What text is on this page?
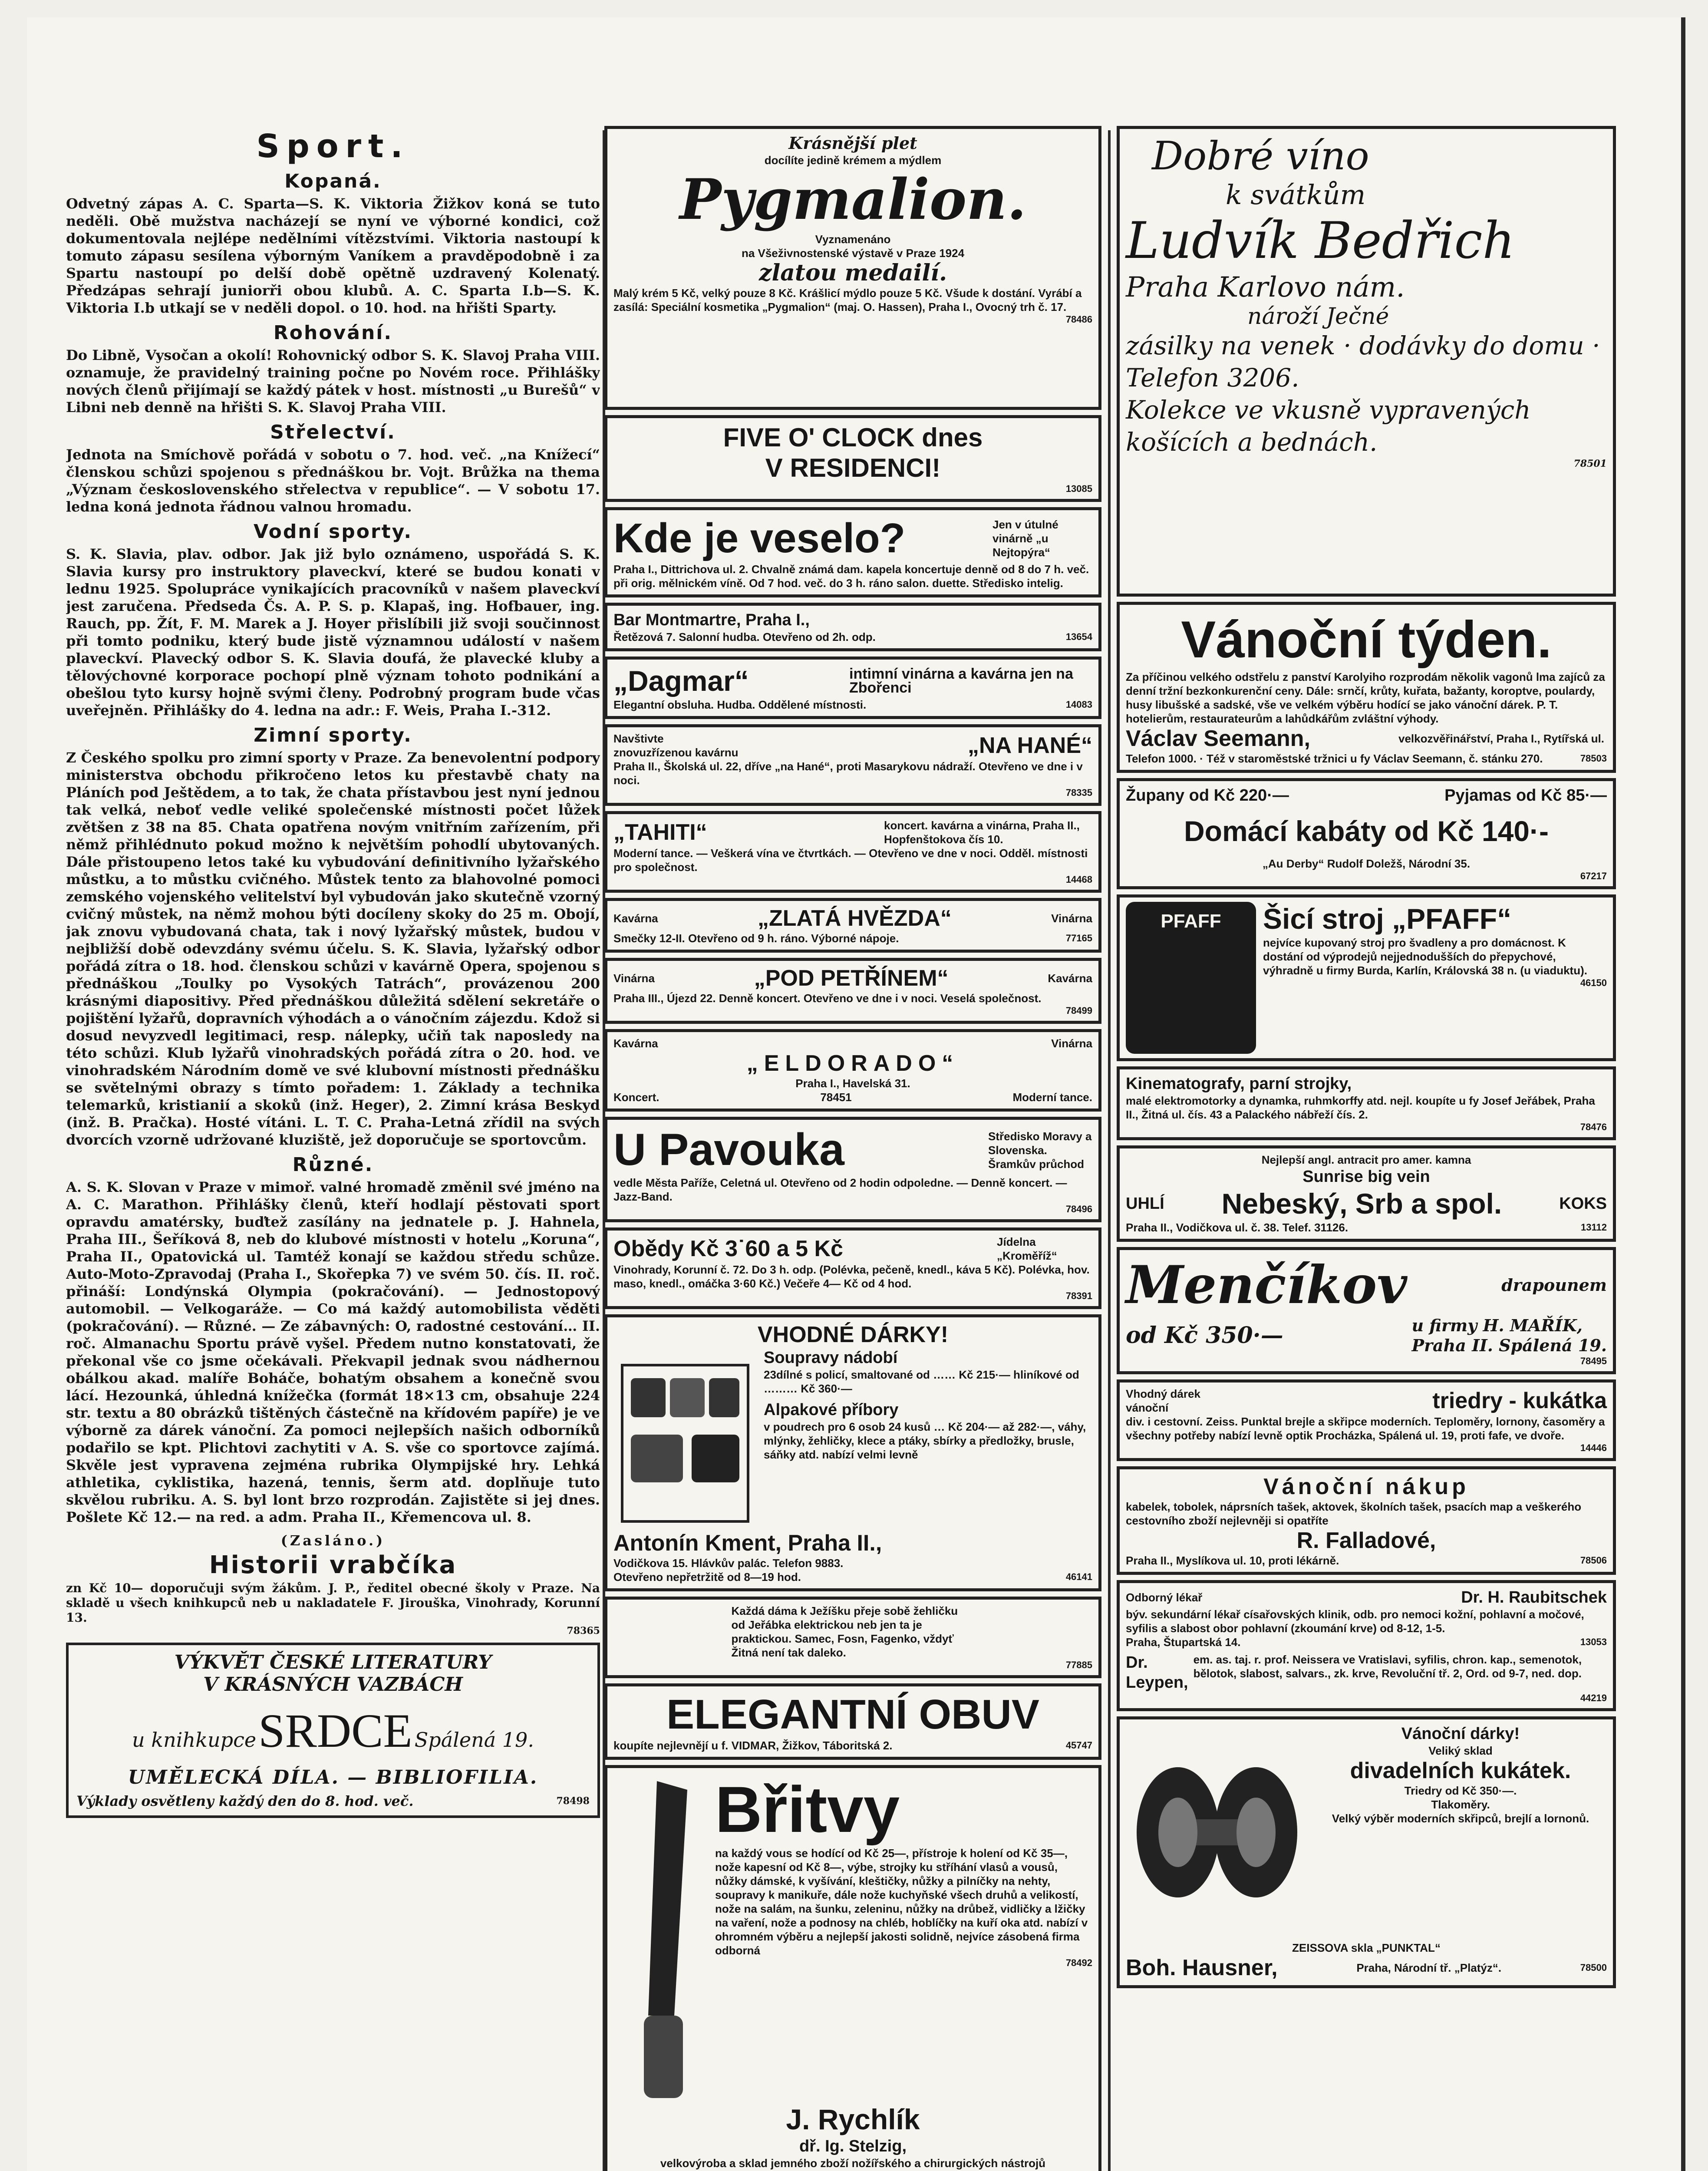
Sport.
Kopaná.

Odvetný zápas A. C. Sparta—S. K. Viktoria Žižkov koná se tuto neděli. Obě mužstva nacházejí se nyní ve výborné kondici, což dokumentovala nejlépe nedělními vítězstvími. Viktoria nastoupí k tomuto zápasu sesílena výborným Vaníkem a pravděpodobně i za Spartu nastoupí po delší době opětně uzdravený Kolenatý. Předzápas sehrají juniorři obou klubů. A. C. Sparta I.b—S. K. Viktoria I.b utkají se v neděli dopol. o 10. hod. na hřišti Sparty.

Rohování.

Do Libně, Vysočan a okolí! Rohovnický odbor S. K. Slavoj Praha VIII. oznamuje, že pravidelný training počne po Novém roce. Přihlášky nových členů přijímají se každý pátek v host. místnosti „u Burešů“ v Libni neb denně na hřišti S. K. Slavoj Praha VIII.

Střelectví.

Jednota na Smíchově pořádá v sobotu o 7. hod. več. „na Knížecí“ členskou schůzi spojenou s přednáškou br. Vojt. Brůžka na thema „Význam československého střelectva v republice“. — V sobotu 17. ledna koná jednota řádnou valnou hromadu.

Vodní sporty.

S. K. Slavia, plav. odbor. Jak již bylo oznámeno, uspořádá S. K. Slavia kursy pro instruktory plaveckví, které se budou konati v lednu 1925. Spolupráce vynikajících pracovníků v našem plaveckví jest zaručena. Předseda Čs. A. P. S. p. Klapaš, ing. Hofbauer, ing. Rauch, pp. Žít, F. M. Marek a J. Hoyer přislíbili již svoji součinnost při tomto podniku, který bude jistě významnou událostí v našem plaveckví. Plavecký odbor S. K. Slavia doufá, že plavecké kluby a tělovýchovné korporace pochopí plně význam tohoto podnikání a obešlou tyto kursy hojně svými členy. Podrobný program bude včas uveřejněn. Přihlášky do 4. ledna na adr.: F. Weis, Praha I.-312.

Zimní sporty.

Z Českého spolku pro zimní sporty v Praze. Za benevolentní podpory ministerstva obchodu přikročeno letos ku přestavbě chaty na Pláních pod Ještědem, a to tak, že chata přístavbou jest nyní jednou tak velká, neboť vedle veliké společenské místnosti počet lůžek zvětšen z 38 na 85. Chata opatřena novým vnitřním zařízením, při němž přihlédnuto pokud možno k největším pohodlí ubytovaných. Dále přistoupeno letos také ku vybudování definitivního lyžařského můstku, a to můstku cvičného. Můstek tento za blahovolné pomoci zemského vojenského velitelství byl vybudován jako skutečně vzorný cvičný můstek, na němž mohou býti docíleny skoky do 25 m. Obojí, jak znovu vybudovaná chata, tak i nový lyžařský můstek, budou v nejbližší době odevzdány svému účelu. S. K. Slavia, lyžařský odbor pořádá zítra o 18. hod. členskou schůzi v kavárně Opera, spojenou s přednáškou „Toulky po Vysokých Tatrách“, provázenou 200 krásnými diapositivy. Před přednáškou důležitá sdělení sekretáře o pojištění lyžařů, dopravních výhodách a o vánočním zájezdu. Kdož si dosud nevyzvedl legitimaci, resp. nálepky, učiň tak naposledy na této schůzi. Klub lyžařů vinohradských pořádá zítra o 20. hod. ve vinohradském Národním domě ve své klubovní místnosti přednášku se světelnými obrazy s tímto pořadem: 1. Základy a technika telemarků, kristianií a skoků (inž. Heger), 2. Zimní krása Beskyd (inž. B. Pračka). Hosté vítáni. L. T. C. Praha-Letná zřídil na svých dvorcích vzorně udržované kluziště, jež doporučuje se sportovcům.

Různé.

A. S. K. Slovan v Praze v mimoř. valné hromadě změnil své jméno na A. C. Marathon. Přihlášky členů, kteří hodlají pěstovati sport opravdu amatérsky, buďtež zasílány na jednatele p. J. Hahnela, Praha III., Šeříková 8, neb do klubové místnosti v hotelu „Koruna“, Praha II., Opatovická ul. Tamtéž konají se každou středu schůze. Auto-Moto-Zpravodaj (Praha I., Skořepka 7) ve svém 50. čís. II. roč. přináší: Londýnská Olympia (pokračování). — Jednostopový automobil. — Velkogaráže. — Co má každý automobilista věděti (pokračování). — Různé. — Ze zábavných: O, radostné cestování… II. roč. Almanachu Sportu právě vyšel. Předem nutno konstatovati, že překonal vše co jsme očekávali. Překvapil jednak svou nádhernou obálkou akad. malíře Boháče, bohatým obsahem a konečně svou lácí. Hezounká, úhledná knížečka (formát 18×13 cm, obsahuje 224 str. textu a 80 obrázků tištěných částečně na křídovém papíře) je ve výborně za dárek vánoční. Za pomoci nejlepších našich odborníků podařilo se kpt. Plichtovi zachytiti v A. S. vše co sportovce zajímá. Skvěle jest vypravena zejména rubrika Olympijské hry. Lehká athletika, cyklistika, hazená, tennis, šerm atd. doplňuje tuto skvělou rubriku. A. S. byl lont brzo rozprodán. Zajistěte si jej dnes. Pošlete Kč 12.— na red. a adm. Praha II., Křemencova ul. 8.

(Zasláno.)
Historii vrabčíka

zn Kč 10— doporučuji svým žákům. J. P., ředitel obecné školy v Praze. Na skladě u všech knihkupců neb u nakladatele F. Jirouška, Vinohrady, Korunní 13.

78365
VÝKVĚT ČESKÉ LITERATURY
V KRÁSNÝCH VAZBÁCH
u knihkupce SRDCE Spálená 19.
UMĚLECKÁ DÍLA. — BIBLIOFILIA.
Výklady osvětleny každý den do 8. hod. več.	78498
Krásnější plet
docílíte jedině krémem a mýdlem
Pygmalion.
Vyznamenáno
na Všeživnostenské výstavě v Praze 1924
zlatou medailí.
Malý krém 5 Kč, velký pouze 8 Kč. Krášlicí mýdlo pouze 5 Kč. Všude k dostání. Vyrábí a zasílá: Speciální kosmetika „Pygmalion“ (maj. O. Hassen), Praha I., Ovocný trh č. 17.
78486
FIVE O' CLOCK dnes
V RESIDENCI!
13085
Kde je veselo?	Jen v útulné vinárně „u Nejtopýra“
Praha I., Dittrichova ul. 2. Chvalně známá dam. kapela koncertuje denně od 8 do 7 h. več. při orig. mělnickém víně. Od 7 hod. več. do 3 h. ráno salon. duette. Středisko intelig.
Bar Montmartre, Praha I.,
Řetězová 7. Salonní hudba. Otevřeno od 2h. odp.	13654
„Dagmar“	intimní vinárna a kavárna jen na Zbořenci
Elegantní obsluha. Hudba. Oddělené místnosti.	14083
Navštivte znovuzřízenou kavárnu	„NA HANÉ“
Praha II., Školská ul. 22, dříve „na Hané“, proti Masarykovu nádraží. Otevřeno ve dne i v noci.
78335
„TAHITI“	koncert. kavárna a vinárna, Praha II., Hopfenštokova čís 10.
Moderní tance. — Veškerá vína ve čtvrtkách. — Otevřeno ve dne v noci. Odděl. místnosti pro společnost.
14468
Kavárna	„ZLATÁ HVĚZDA“	Vinárna
Smečky 12-II. Otevřeno od 9 h. ráno. Výborné nápoje.	77165
Vinárna	„POD PETŘÍNEM“	Kavárna
Praha III., Újezd 22. Denně koncert. Otevřeno ve dne i v noci. Veselá společnost.
78499
Kavárna	Vinárna
„ELDORADO“
Praha I., Havelská 31.
Koncert.	78451	Moderní tance.
U Pavouka	Středisko Moravy a Slovenska. Šramkův průchod
vedle Města Paříže, Celetná ul. Otevřeno od 2 hodin odpoledne. — Denně koncert. — Jazz-Band.
78496
Obědy Kč 3˙60 a 5 Kč	Jídelna „Kroměříž“
Vinohrady, Korunní č. 72. Do 3 h. odp. (Polévka, pečeně, knedl., káva 5 Kč). Polévka, hov. maso, knedl., omáčka 3·60 Kč.) Večeře 4— Kč od 4 hod.
78391
VHODNÉ DÁRKY!
Soupravy nádobí
23dílné s policí, smaltované od …… Kč 215·— hliníkové od ……… Kč 360·—
Alpakové příbory
v poudrech pro 6 osob 24 kusů … Kč 204·— až 282·—, váhy, mlýnky, žehličky, klece a ptáky, sbírky a předložky, brusle, sáňky atd. nabízí velmi levně
Antonín Kment, Praha II.,
Vodičkova 15. Hlávkův palác. Telefon 9883.
Otevřeno nepřetržitě od 8—19 hod.	46141
Každá dáma k Ježíšku přeje sobě žehličku od Jeřábka elektrickou neb jen ta je praktickou. Samec, Fosn, Fagenko, vždyť Žitná není tak daleko.
77885
ELEGANTNÍ OBUV
koupíte nejlevnějí u f. VIDMAR, Žižkov, Táboritská 2.	45747
Břitvy
na každý vous se hodící od Kč 25—, přístroje k holení od Kč 35—, nože kapesní od Kč 8—, výbe, strojky ku stříhání vlasů a vousů, nůžky dámské, k vyšívání, kleštičky, nůžky a pilníčky na nehty, soupravy k manikuře, dále nože kuchyňské všech druhů a velikostí, nože na salám, na šunku, zeleninu, nůžky na drůbež, vidličky a lžičky na vaření, nože a podnosy na chléb, hoblíčky na kuří oka atd. nabízí v ohromném výběru a nejlepší jakosti solidně, nejvíce zásobená firma odborná
78492
J. Rychlík
dř. Ig. Stelzig,
velkovýroba a sklad jemného zboží nožířského a chirurgických nástrojů
Dobré víno
k svátkům
Ludvík Bedřich
Praha Karlovo nám.
nároží Ječné
zásilky na venek · dodávky do domu · Telefon 3206.
Kolekce ve vkusně vypravených košících a bednách.
78501
Vánoční týden.
Za příčinou velkého odstřelu z panství Karolyiho rozprodám několik vagonů lma zajíců za denní tržní bezkonkurenční ceny. Dále: srnčí, krůty, kuřata, bažanty, koroptve, poulardy, husy libušské a sadské, vše ve velkém výběru hodící se jako vánoční dárek. P. T. hotelierům, restaurateurům a lahůdkářům zvláštní výhody.
Václav Seemann,	velkozvěřinářství, Praha I., Rytířská ul.
Telefon 1000. · Též v staroměstské tržnici u fy Václav Seemann, č. stánku 270.	78503
Župany od Kč 220·—	Pyjamas od Kč 85·—
Domácí kabáty od Kč 140·-
„Au Derby“ Rudolf Doležš, Národní 35.
67217
PFAFF	Šicí stroj „PFAFF“
nejvíce kupovaný stroj pro švadleny a pro domácnost. K dostání od výprodejů nejjednodušších do přepychové, výhradně u firmy Burda, Karlín, Královská 38 n. (u viaduktu).
46150
Kinematografy, parní strojky,
malé elektromotorky a dynamka, ruhmkorffy atd. nejl. koupíte u fy Josef Jeřábek, Praha II., Žitná ul. čís. 43 a Palackého nábřeží čís. 2.
78476
Nejlepší angl. antracit pro amer. kamna
Sunrise big vein
UHLÍ Nebeský, Srb a spol.	KOKS
Praha II., Vodičkova ul. č. 38. Telef. 31126.	13112
Menčíkov	drapounem
od Kč 350·—	u firmy H. MAŘÍK,
Praha II. Spálená 19.
78495
Vhodný dárek vánoční	triedry - kukátka
div. i cestovní. Zeiss. Punktal brejle a skřipce moderních. Teploměry, lornony, časoměry a všechny potřeby nabízí levně optik Procházka, Spálená ul. 19, proti fafe, ve dvoře.
14446
Vánoční nákup
kabelek, tobolek, náprsních tašek, aktovek, školních tašek, psacích map a veškerého cestovního zboží nejlevněji si opatříte
R. Falladové,
Praha II., Myslíkova ul. 10, proti lékárně.	78506
Odborný lékař	Dr. H. Raubitschek
býv. sekundární lékař císařovských klinik, odb. pro nemoci kožní, pohlavní a močové, syfilis a slabost obor pohlavní (zkoumání krve) od 8-12, 1-5.
Praha, Štupartská 14.	13053
Dr. Leypen,
em. as. taj. r. prof. Neissera ve Vratislavi, syfilis, chron. kap., semenotok, bělotok, slabost, salvars., zk. krve, Revoluční tř. 2, Ord. od 9-7, ned. dop.
44219
Vánoční dárky!
Veliký sklad
divadelních kukátek.
Triedry od Kč 350·—.
Tlakoměry.
Velký výběr moderních skřipců, brejlí a lornonů.
ZEISSOVA skla „PUNKTAL“
Boh. Hausner,	Praha, Národní tř. „Platýz“.	78500
